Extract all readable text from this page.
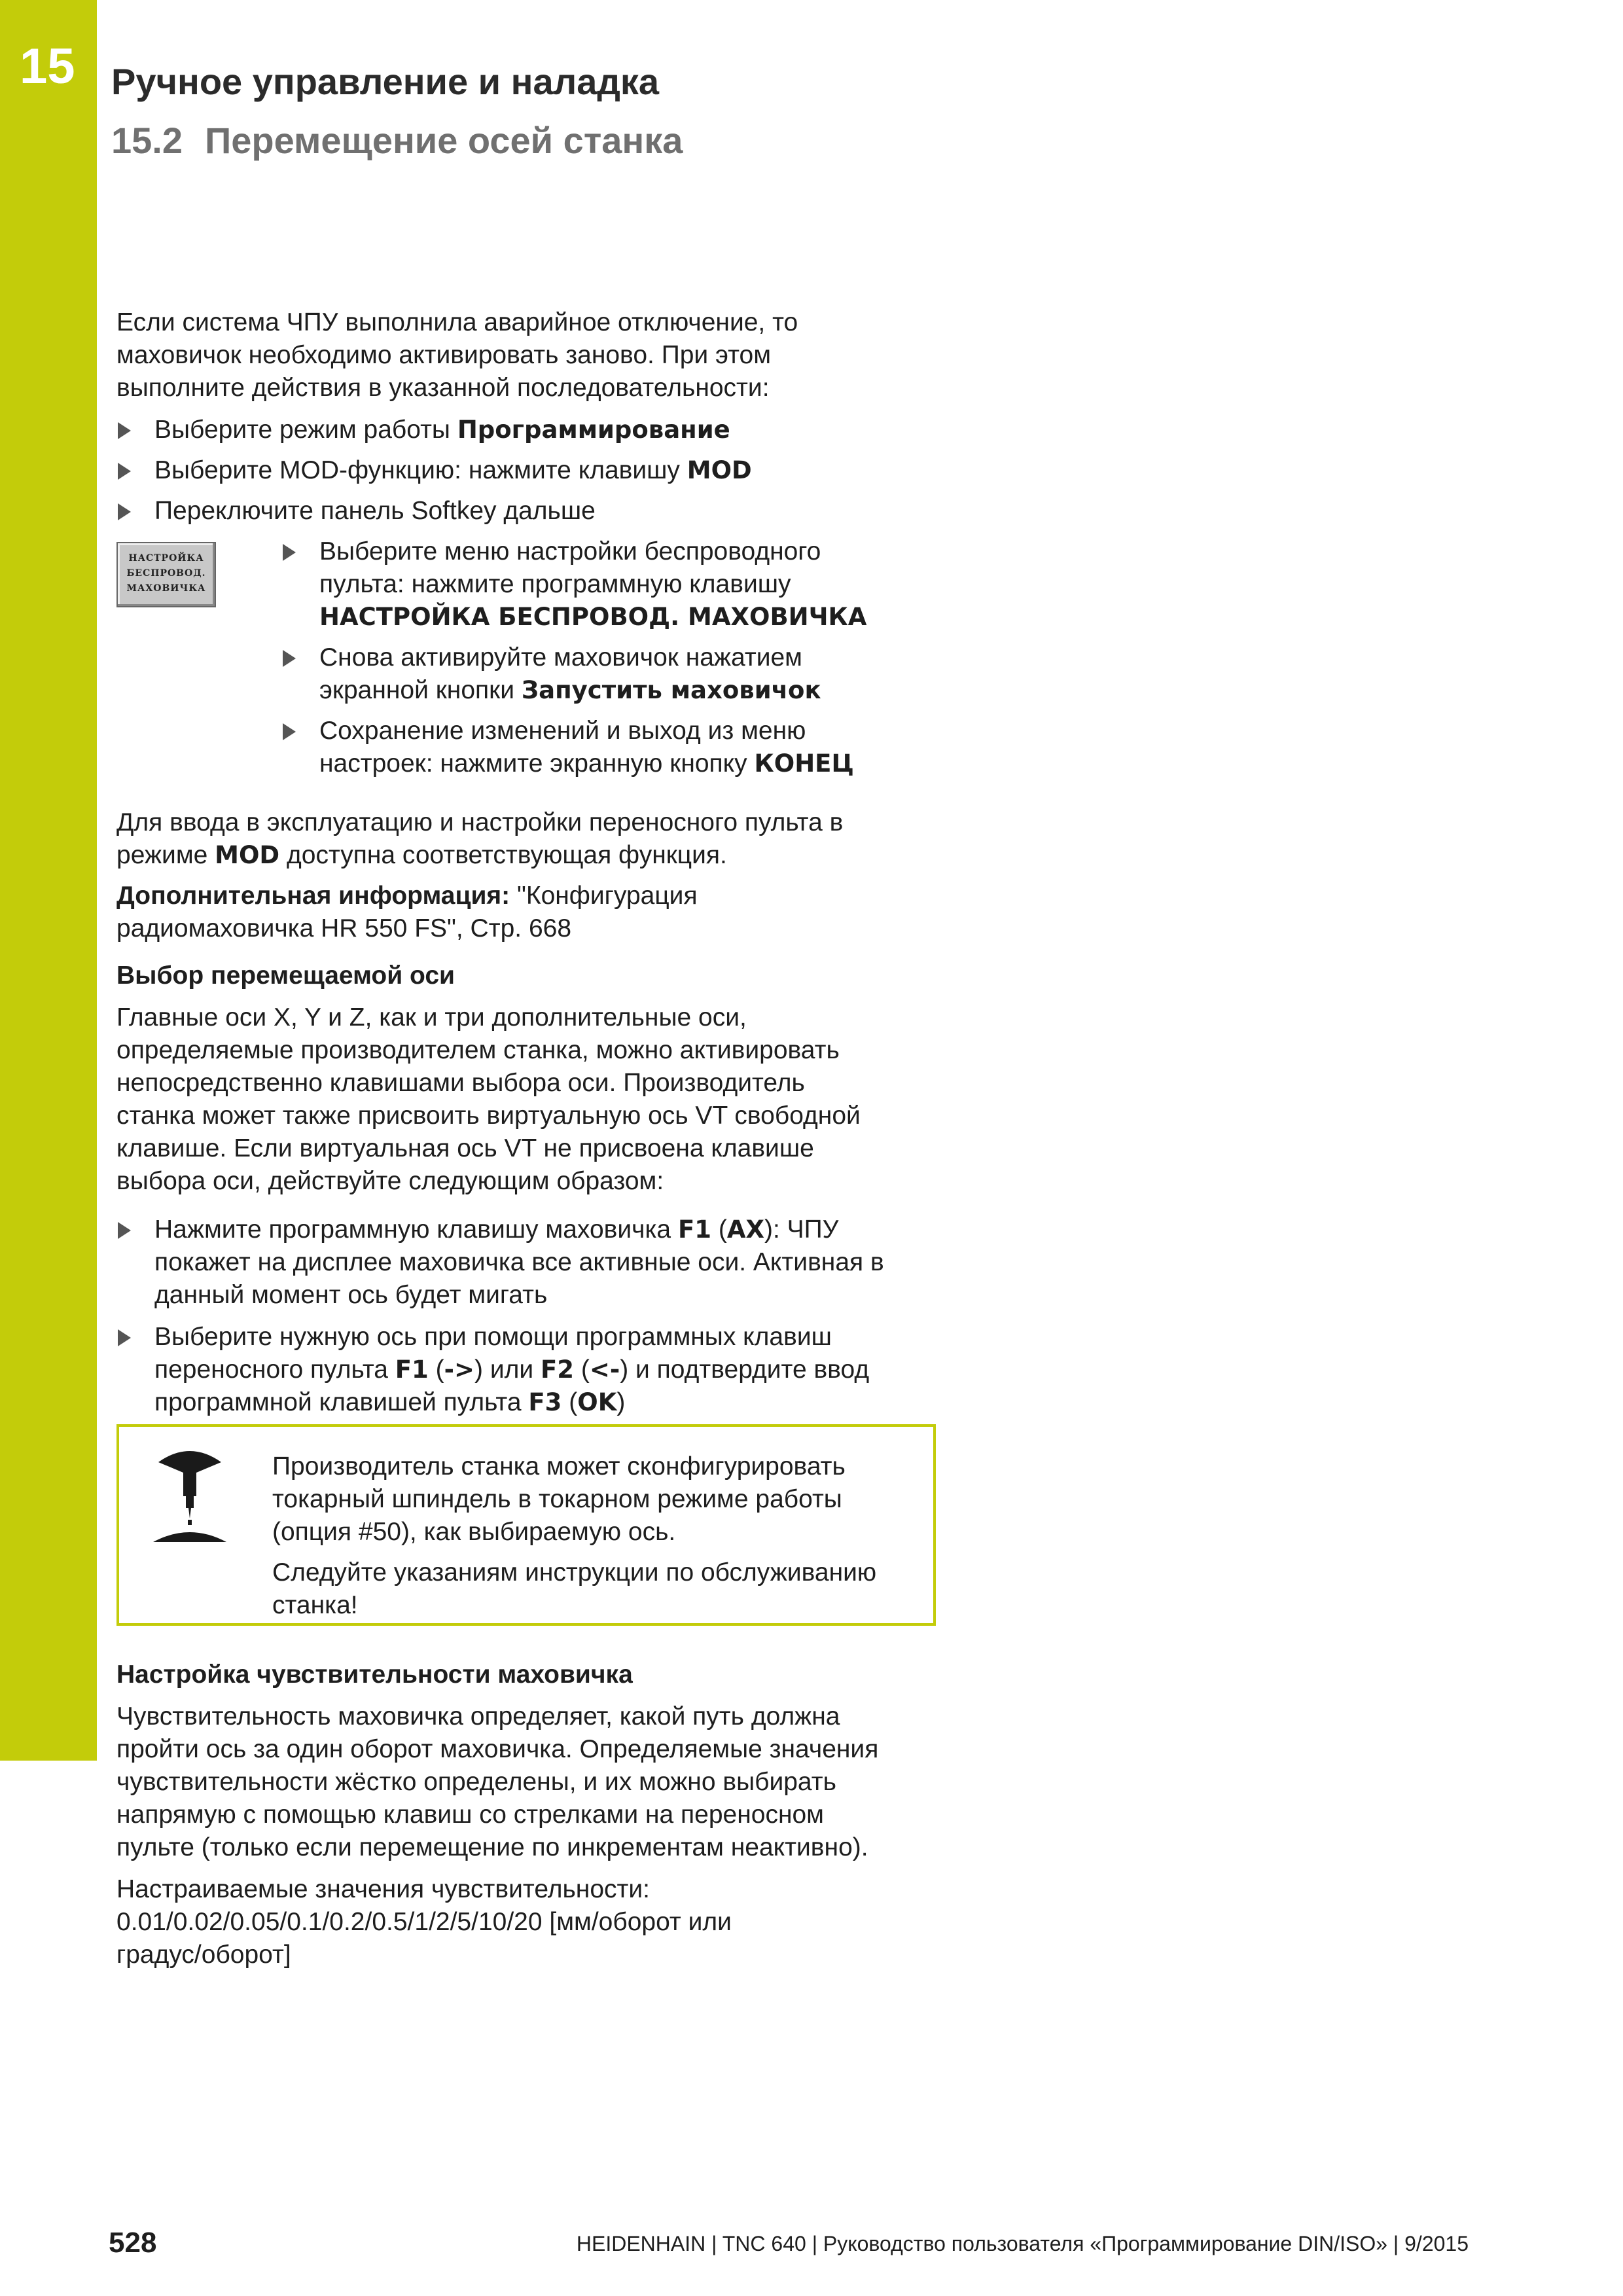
15 Ручное управление и наладка
15.2 Перемещение осей станка
Если система ЧПУ выполнила аварийное отключение, то
маховичок необходимо активировать заново. При этом
выполните действия в указанной последовательности:
Выберите режим работы Программирование
Выберите MOD-функцию: нажмите клавишу MOD
Переключите панель Softkey дальше
НАСТРОЙКА
БЕСПРОВОД.
МАХОВИЧКА
Выберите меню настройки беспроводного
пульта: нажмите программную клавишу
НАСТРОЙКА БЕСПРОВОД. МАХОВИЧКА
Снова активируйте маховичок нажатием
экранной кнопки Запустить маховичок
Сохранение изменений и выход из меню
настроек: нажмите экранную кнопку КОНЕЦ
Для ввода в эксплуатацию и настройки переносного пульта в
режиме MOD доступна соответствующая функция.
Дополнительная информация: "Конфигурация
радиомаховичка HR 550 FS", Стр. 668
Выбор перемещаемой оси
Главные оси X, Y и Z, как и три дополнительные оси,
определяемые производителем станка, можно активировать
непосредственно клавишами выбора оси. Производитель
станка может также присвоить виртуальную ось VT свободной
клавише. Если виртуальная ось VT не присвоена клавише
выбора оси, действуйте следующим образом:
Нажмите программную клавишу маховичка F1 (AX): ЧПУ
покажет на дисплее маховичка все активные оси. Активная в
данный момент ось будет мигать
Выберите нужную ось при помощи программных клавиш
переносного пульта F1 (->) или F2 (<-) и подтвердите ввод
программной клавишей пульта F3 (OK)
Производитель станка может сконфигурировать
токарный шпиндель в токарном режиме работы
(опция #50), как выбираемую ось.
Следуйте указаниям инструкции по обслуживанию
станка!
Настройка чувствительности маховичка
Чувствительность маховичка определяет, какой путь должна
пройти ось за один оборот маховичка. Определяемые значения
чувствительности жёстко определены, и их можно выбирать
напрямую с помощью клавиш со стрелками на переносном
пульте (только если перемещение по инкрементам неактивно).
Настраиваемые значения чувствительности:
0.01/0.02/0.05/0.1/0.2/0.5/1/2/5/10/20 [мм/оборот или
градус/оборот]
528	HEIDENHAIN | TNC 640 | Руководство пользователя «Программирование DIN/ISO» | 9/2015
